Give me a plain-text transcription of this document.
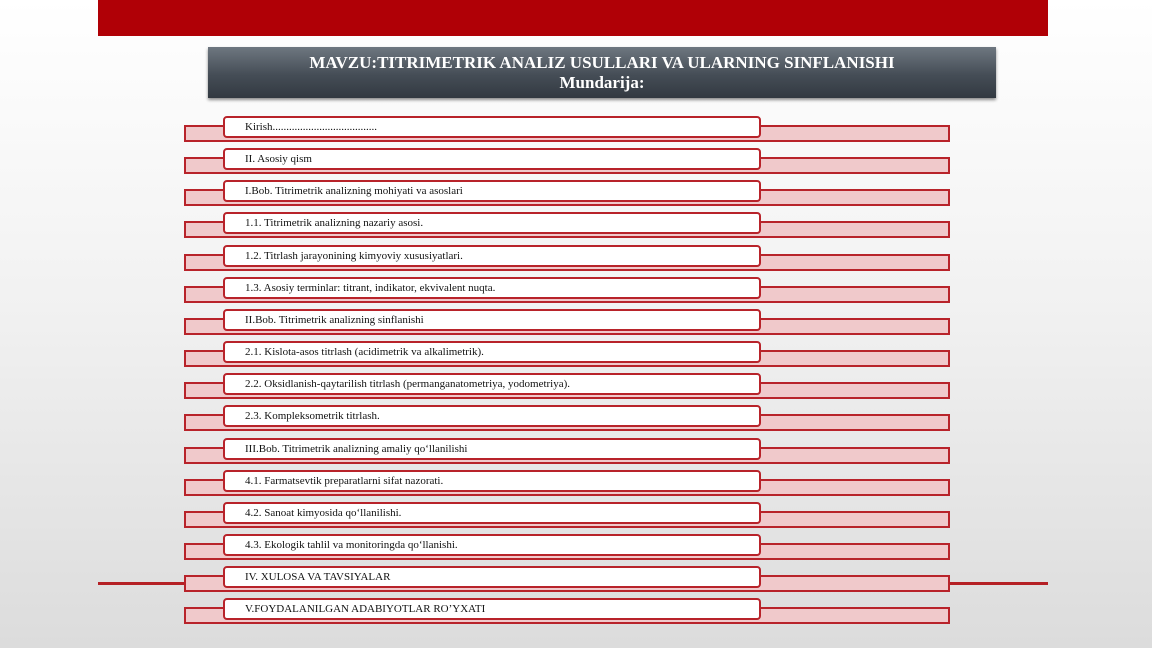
MAVZU:TITRIMETRIK ANALIZ USULLARI VA ULARNING SINFLANISHI
Mundarija:
Kirish......................................
II. Asosiy qism
I.Bob. Titrimetrik analizning mohiyati va asoslari
1.1. Titrimetrik analizning nazariy asosi.
1.2. Titrlash jarayonining kimyoviy xususiyatlari.
1.3. Asosiy terminlar: titrant, indikator, ekvivalent nuqta.
II.Bob. Titrimetrik analizning sinflanishi
2.1. Kislota-asos titrlash (acidimetrik va alkalimetrik).
2.2. Oksidlanish-qaytarilish titrlash (permanganatometriya, yodometriya).
2.3. Kompleksometrik titrlash.
III.Bob. Titrimetrik analizning amaliy qo‘llanilishi
4.1. Farmatsevtik preparatlarni sifat nazorati.
4.2. Sanoat kimyosida qo‘llanilishi.
4.3. Ekologik tahlil va monitoringda qo‘llanishi.
IV. XULOSA VA TAVSIYALAR
V.FOYDALANILGAN ADABIYOTLAR RO’YXATI
